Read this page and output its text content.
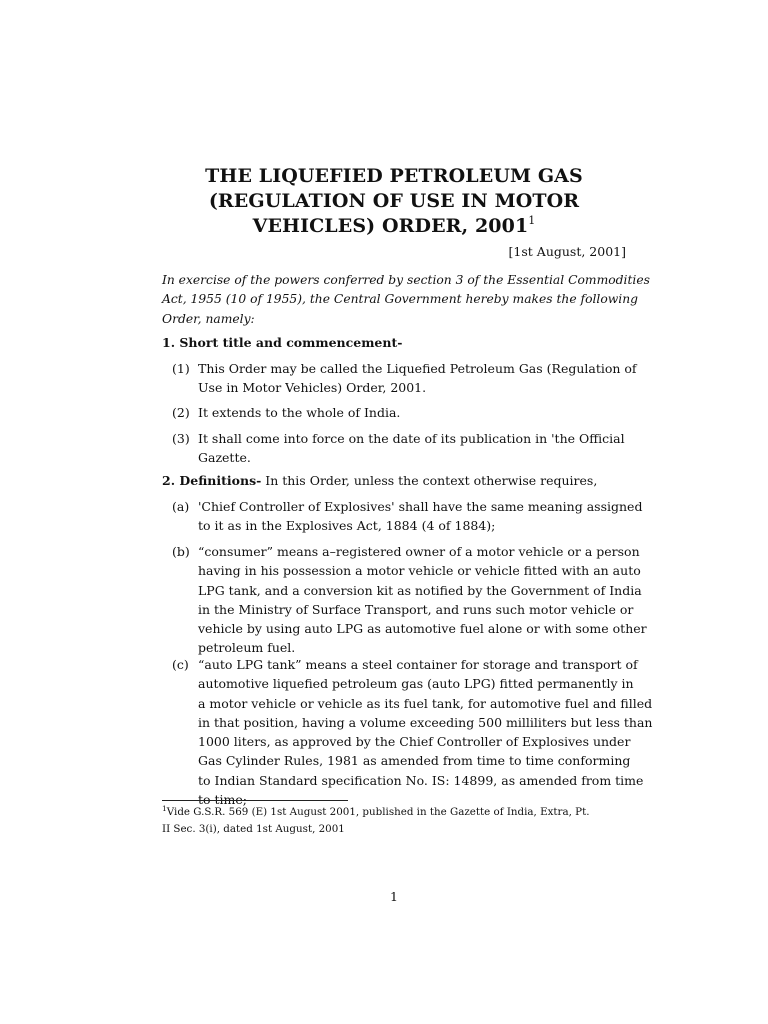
THE LIQUEFIED PETROLEUM GAS
(REGULATION OF USE IN MOTOR
VEHICLES) ORDER, 2001$^1$
[1st August, 2001]
In exercise of the powers conferred by section 3 of the Essential Commodities
Act, 1955 (10 of 1955), the Central Government hereby makes the following
Order, namely:
1. Short title and commencement-
(1) This Order may be called the Liquefied Petroleum Gas (Regulation of
Use in Motor Vehicles) Order, 2001.
(2) It extends to the whole of India.
(3) It shall come into force on the date of its publication in 'the Official
Gazette.
2. Definitions- In this Order, unless the context otherwise requires,
(a) 'Chief Controller of Explosives' shall have the same meaning assigned
to it as in the Explosives Act, 1884 (4 of 1884);
(b) “consumer” means a–registered owner of a motor vehicle or a person
having in his possession a motor vehicle or vehicle fitted with an auto
LPG tank, and a conversion kit as notified by the Government of India
in the Ministry of Surface Transport, and runs such motor vehicle or
vehicle by using auto LPG as automotive fuel alone or with some other
petroleum fuel.
(c) “auto LPG tank” means a steel container for storage and transport of
automotive liquefied petroleum gas (auto LPG) fitted permanently in
a motor vehicle or vehicle as its fuel tank, for automotive fuel and filled
in that position, having a volume exceeding 500 milliliters but less than
1000 liters, as approved by the Chief Controller of Explosives under
Gas Cylinder Rules, 1981 as amended from time to time conforming
to Indian Standard specification No. IS: 14899, as amended from time
to time;
$^1$Vide G.S.R. 569 (E) 1st August 2001, published in the Gazette of India, Extra, Pt.
II Sec. 3(i), dated 1st August, 2001
1
